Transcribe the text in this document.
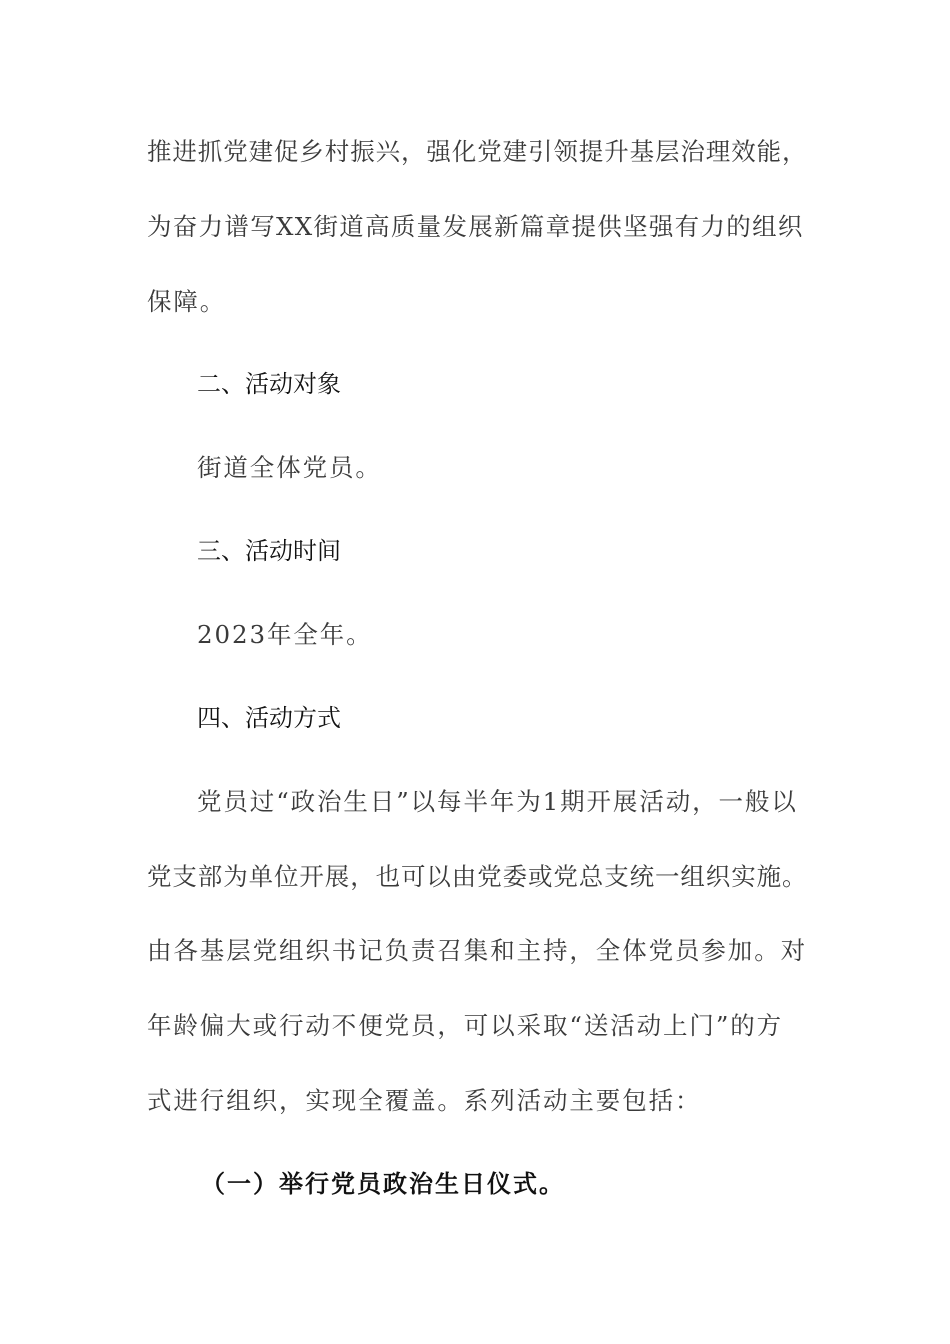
推进抓党建促乡村振兴，强化党建引领提升基层治理效能，
为奋力谱写XX街道高质量发展新篇章提供坚强有力的组织
保障。
二、活动对象
街道全体党员。
三、活动时间
2023年全年。
四、活动方式
党员过“政治生日”以每半年为1期开展活动，一般以
党支部为单位开展，也可以由党委或党总支统一组织实施。
由各基层党组织书记负责召集和主持，全体党员参加。对
年龄偏大或行动不便党员，可以采取“送活动上门”的方
式进行组织，实现全覆盖。系列活动主要包括：
（一）举行党员政治生日仪式。
